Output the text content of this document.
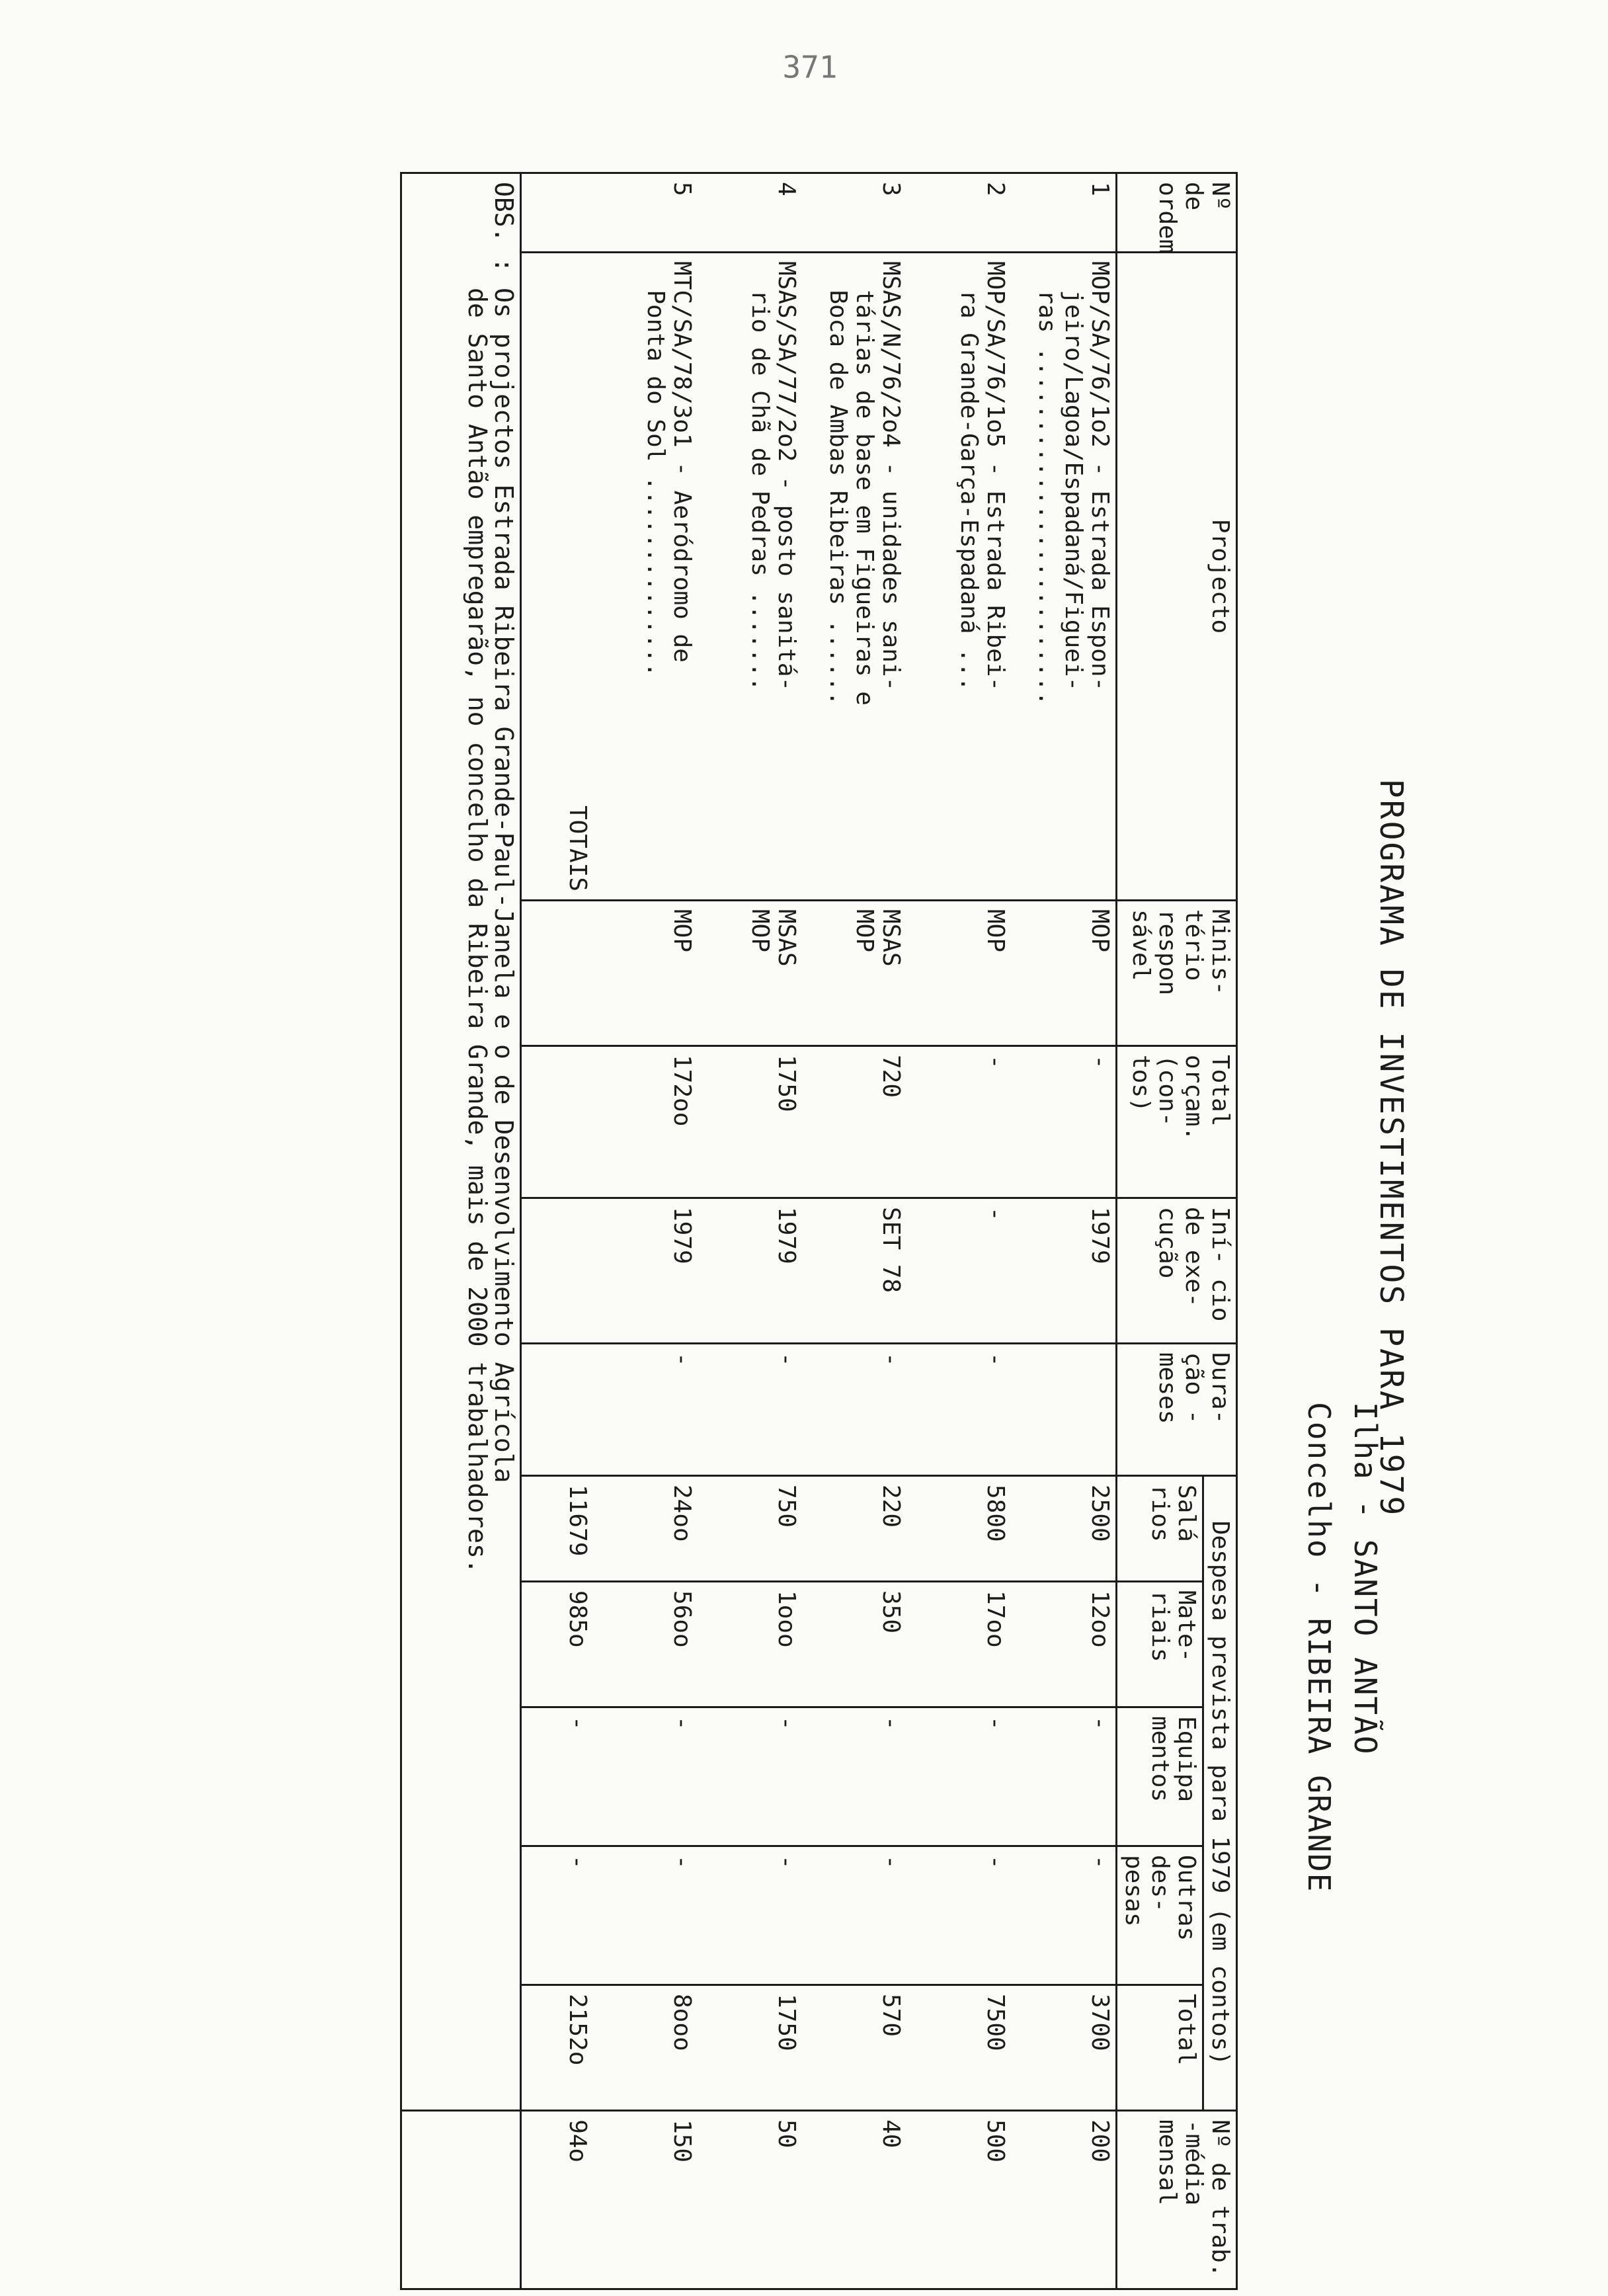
371
PROGRAMA DE INVESTIMENTOS PARA 1979
Ilha - SANTO ANTÃO
Concelho - RIBEIRA GRANDE
Nº de ordem	Projecto	Minis- tério respon sável	Total orçam. (con- tos)	Iní- cio de exe- cução	Dura- ção -meses	Despesa prevista para 1979 (em contos)					Nº de trab. -média mensal
						Salá rios	Mate- riais	Equipa mentos	Outras des- pesas	Total	
1	MOP/SA/76/1o2 - Estrada Espon-
jeiro/Lagoa/Espadaná/Figuei-
ras .........................	MOP	-	1979		2500	12oo	-	-	3700	200
2	MOP/SA/76/1o5 - Estrada Ribei-
ra Grande-Garça-Espadaná ...	MOP	-	-	-	5800	17oo	-	-	7500	500
3	MSAS/N/76/2o4 - unidades sani-
tárias de base em Figueiras e
Boca de Ambas Ribeiras ......	MSAS
MOP	720	SET 78	-	220	350	-	-	570	40
4	MSAS/SA/77/2o2 - posto sanitá-
rio de Chã de Pedras .......	MSAS
MOP	1750	1979	-	750	1ooo	-	-	1750	50
5	MTC/SA/78/3o1 - Aeródromo de
Ponta do Sol ..............	MOP	172oo	1979	-	24oo	56oo	-	-	8ooo	150
	TOTAIS					11679	985o	-	-	2152o	94o
OBS. : Os projectos Estrada Ribeira Grande-Paul-Janela e o de Desenvolvimento Agrícola
de Santo Antão empregarão, no concelho da Ribeira Grande, mais de 2000 trabalhadores.											
